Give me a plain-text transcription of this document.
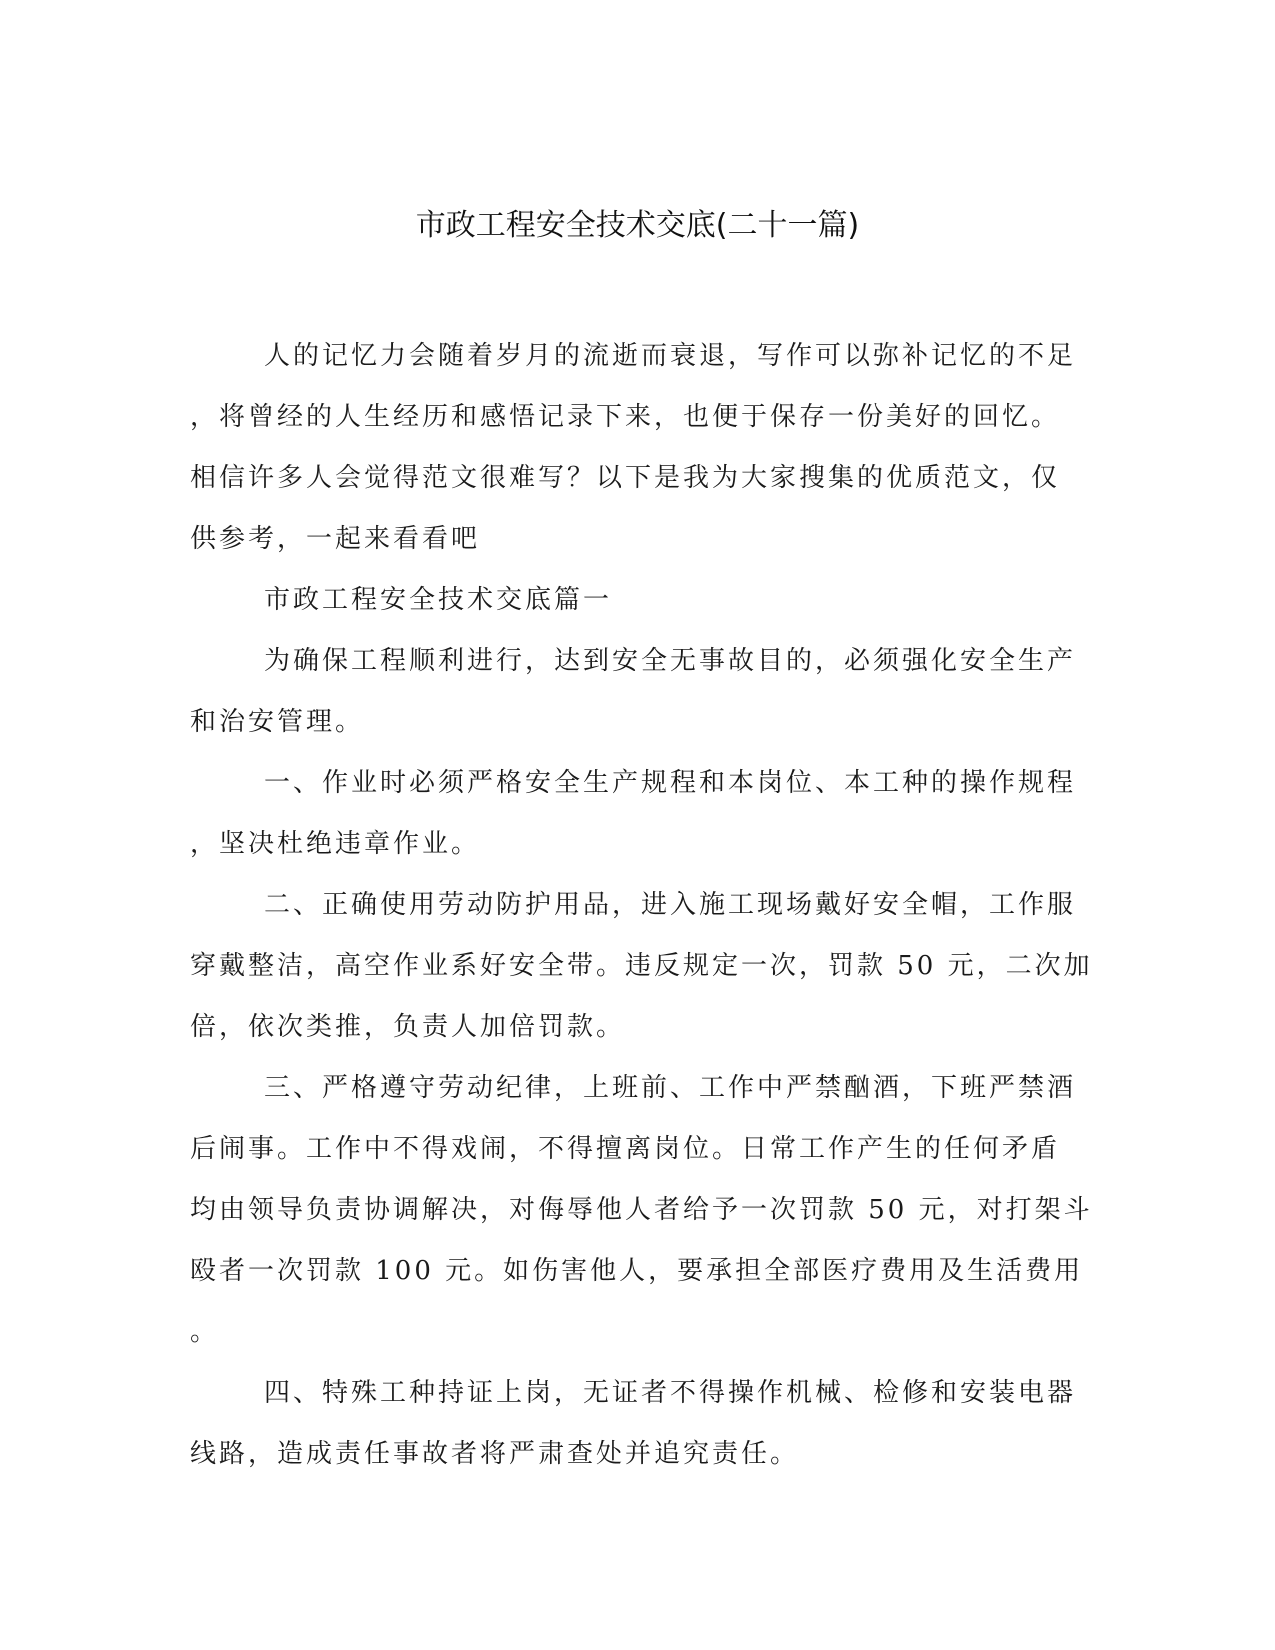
市政工程安全技术交底(二十一篇)
人的记忆力会随着岁月的流逝而衰退，写作可以弥补记忆的不足
，将曾经的人生经历和感悟记录下来，也便于保存一份美好的回忆。
相信许多人会觉得范文很难写？以下是我为大家搜集的优质范文，仅
供参考，一起来看看吧
市政工程安全技术交底篇一
为确保工程顺利进行，达到安全无事故目的，必须强化安全生产
和治安管理。
一、作业时必须严格安全生产规程和本岗位、本工种的操作规程
，坚决杜绝违章作业。
二、正确使用劳动防护用品，进入施工现场戴好安全帽，工作服
穿戴整洁，高空作业系好安全带。违反规定一次，罚款 50 元，二次加
倍，依次类推，负责人加倍罚款。
三、严格遵守劳动纪律，上班前、工作中严禁酗酒，下班严禁酒
后闹事。工作中不得戏闹，不得擅离岗位。日常工作产生的任何矛盾
均由领导负责协调解决，对侮辱他人者给予一次罚款 50 元，对打架斗
殴者一次罚款 100 元。如伤害他人，要承担全部医疗费用及生活费用
。
四、特殊工种持证上岗，无证者不得操作机械、检修和安装电器
线路，造成责任事故者将严肃查处并追究责任。
